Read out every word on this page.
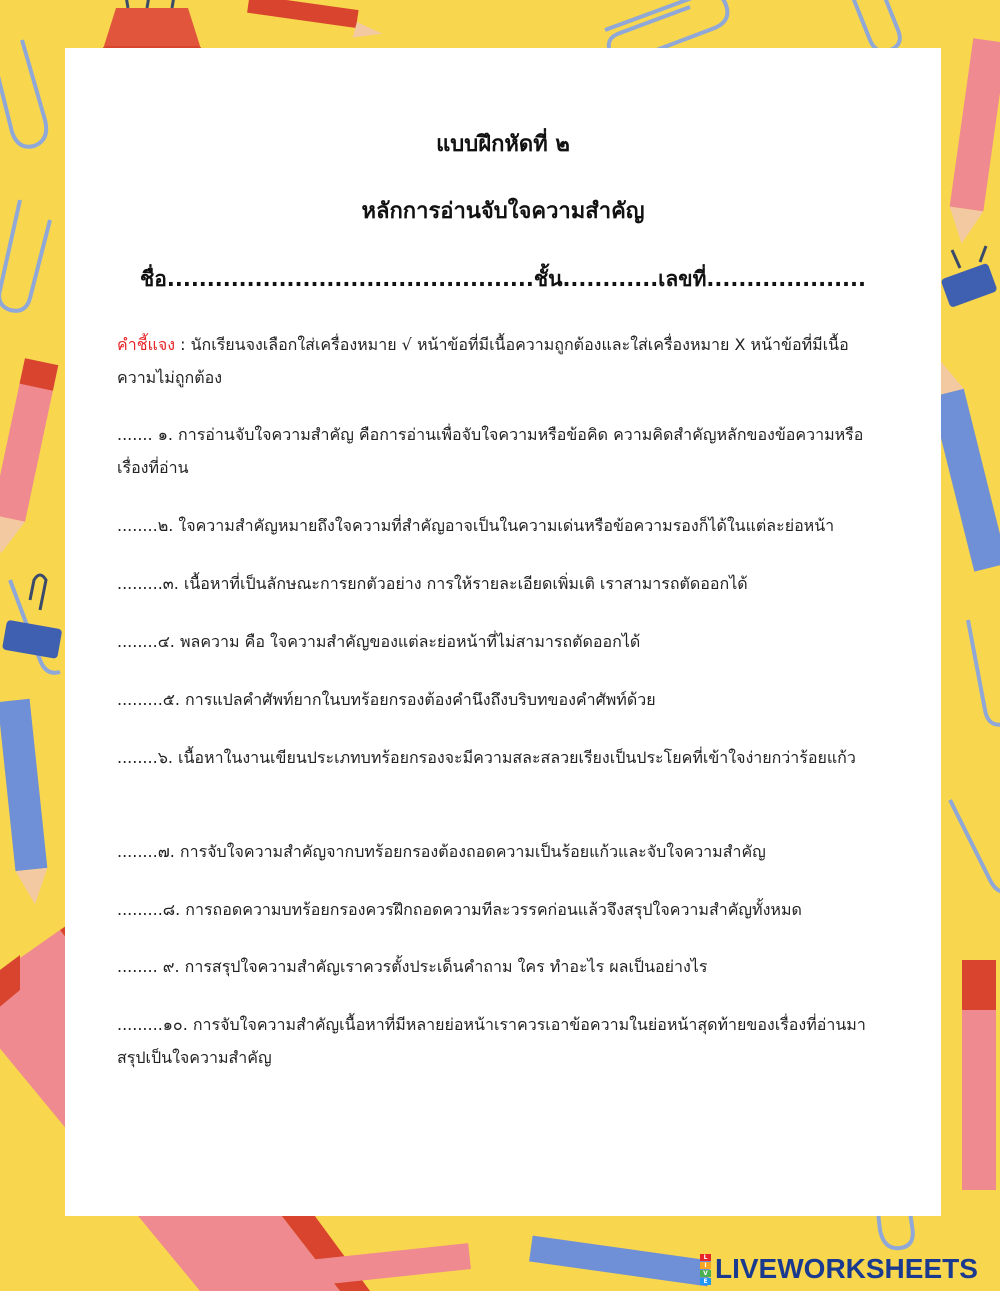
แบบฝึกหัดที่ ๒
หลักการอ่านจับใจความสำคัญ
ชื่อ..............................................ชั้น............เลขที่....................
คำชี้แจง : นักเรียนจงเลือกใส่เครื่องหมาย √ หน้าข้อที่มีเนื้อความถูกต้องและใส่เครื่องหมาย X หน้าข้อที่มีเนื้อความไม่ถูกต้อง
....... ๑. การอ่านจับใจความสำคัญ คือการอ่านเพื่อจับใจความหรือข้อคิด ความคิดสำคัญหลักของข้อความหรือเรื่องที่อ่าน
........๒. ใจความสำคัญหมายถึงใจความที่สำคัญอาจเป็นในความเด่นหรือข้อความรองก็ได้ในแต่ละย่อหน้า
.........๓. เนื้อหาที่เป็นลักษณะการยกตัวอย่าง การให้รายละเอียดเพิ่มเติ เราสามารถตัดออกได้
........๔. พลความ คือ ใจความสำคัญของแต่ละย่อหน้าที่ไม่สามารถตัดออกได้
.........๕. การแปลคำศัพท์ยากในบทร้อยกรองต้องคำนึงถึงบริบทของคำศัพท์ด้วย
........๖. เนื้อหาในงานเขียนประเภทบทร้อยกรองจะมีความสละสลวยเรียงเป็นประโยคที่เข้าใจง่ายกว่าร้อยแก้ว
........๗. การจับใจความสำคัญจากบทร้อยกรองต้องถอดความเป็นร้อยแก้วและจับใจความสำคัญ
.........๘. การถอดความบทร้อยกรองควรฝึกถอดความทีละวรรคก่อนแล้วจึงสรุปใจความสำคัญทั้งหมด
........ ๙. การสรุปใจความสำคัญเราควรตั้งประเด็นคำถาม ใคร ทำอะไร ผลเป็นอย่างไร
.........๑๐. การจับใจความสำคัญเนื้อหาที่มีหลายย่อหน้าเราควรเอาข้อความในย่อหน้าสุดท้ายของเรื่องที่อ่านมาสรุปเป็นใจความสำคัญ
L
I
V
E LIVEWORKSHEETS
